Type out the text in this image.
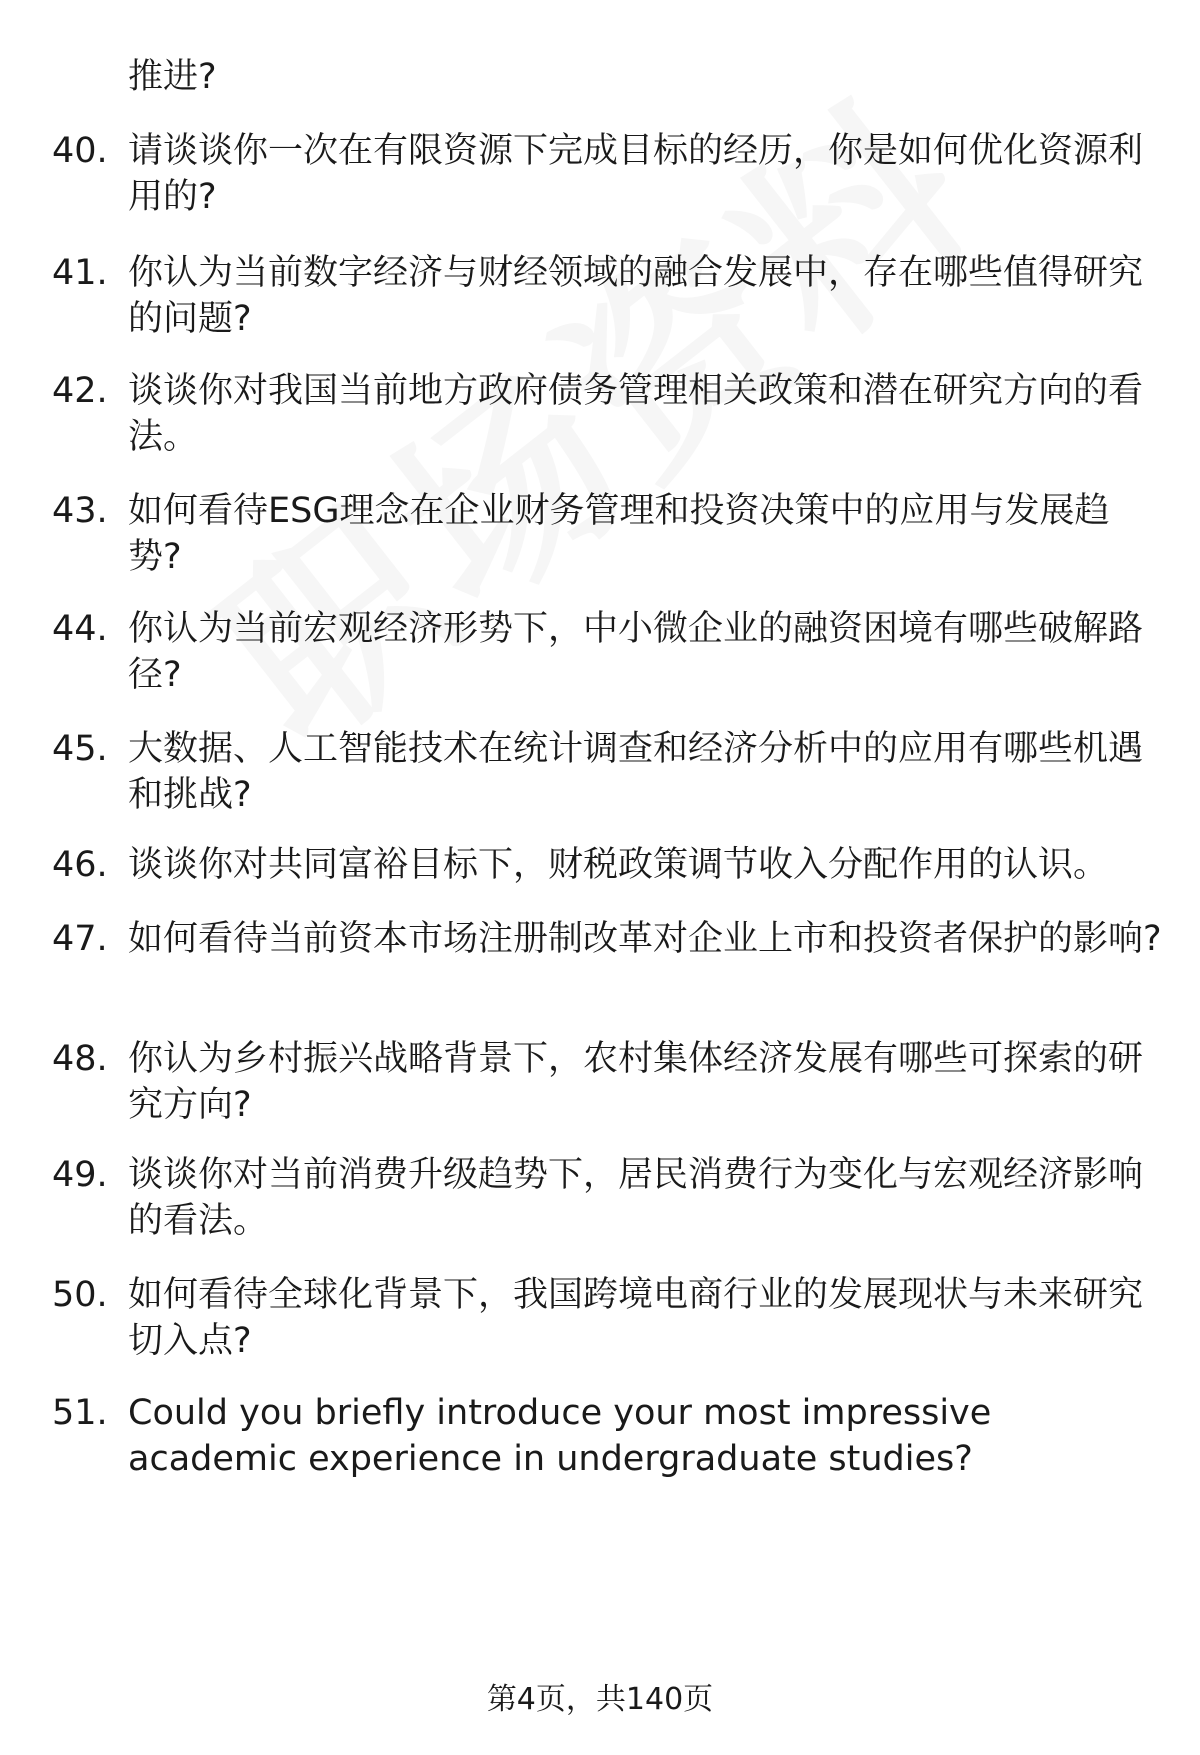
推进?
40. 请谈谈你一次在有限资源下完成目标的经历，你是如何优化资源利用的?
41. 你认为当前数字经济与财经领域的融合发展中，存在哪些值得研究的问题?
42. 谈谈你对我国当前地方政府债务管理相关政策和潜在研究方向的看法。
43. 如何看待ESG理念在企业财务管理和投资决策中的应用与发展趋势?
44. 你认为当前宏观经济形势下，中小微企业的融资困境有哪些破解路径?
45. 大数据、人工智能技术在统计调查和经济分析中的应用有哪些机遇和挑战?
46. 谈谈你对共同富裕目标下，财税政策调节收入分配作用的认识。
47. 如何看待当前资本市场注册制改革对企业上市和投资者保护的影响?
48. 你认为乡村振兴战略背景下，农村集体经济发展有哪些可探索的研究方向?
49. 谈谈你对当前消费升级趋势下，居民消费行为变化与宏观经济影响的看法。
50. 如何看待全球化背景下，我国跨境电商行业的发展现状与未来研究切入点?
51. Could you briefly introduce your most impressive academic experience in undergraduate studies?
第4页，共140页
